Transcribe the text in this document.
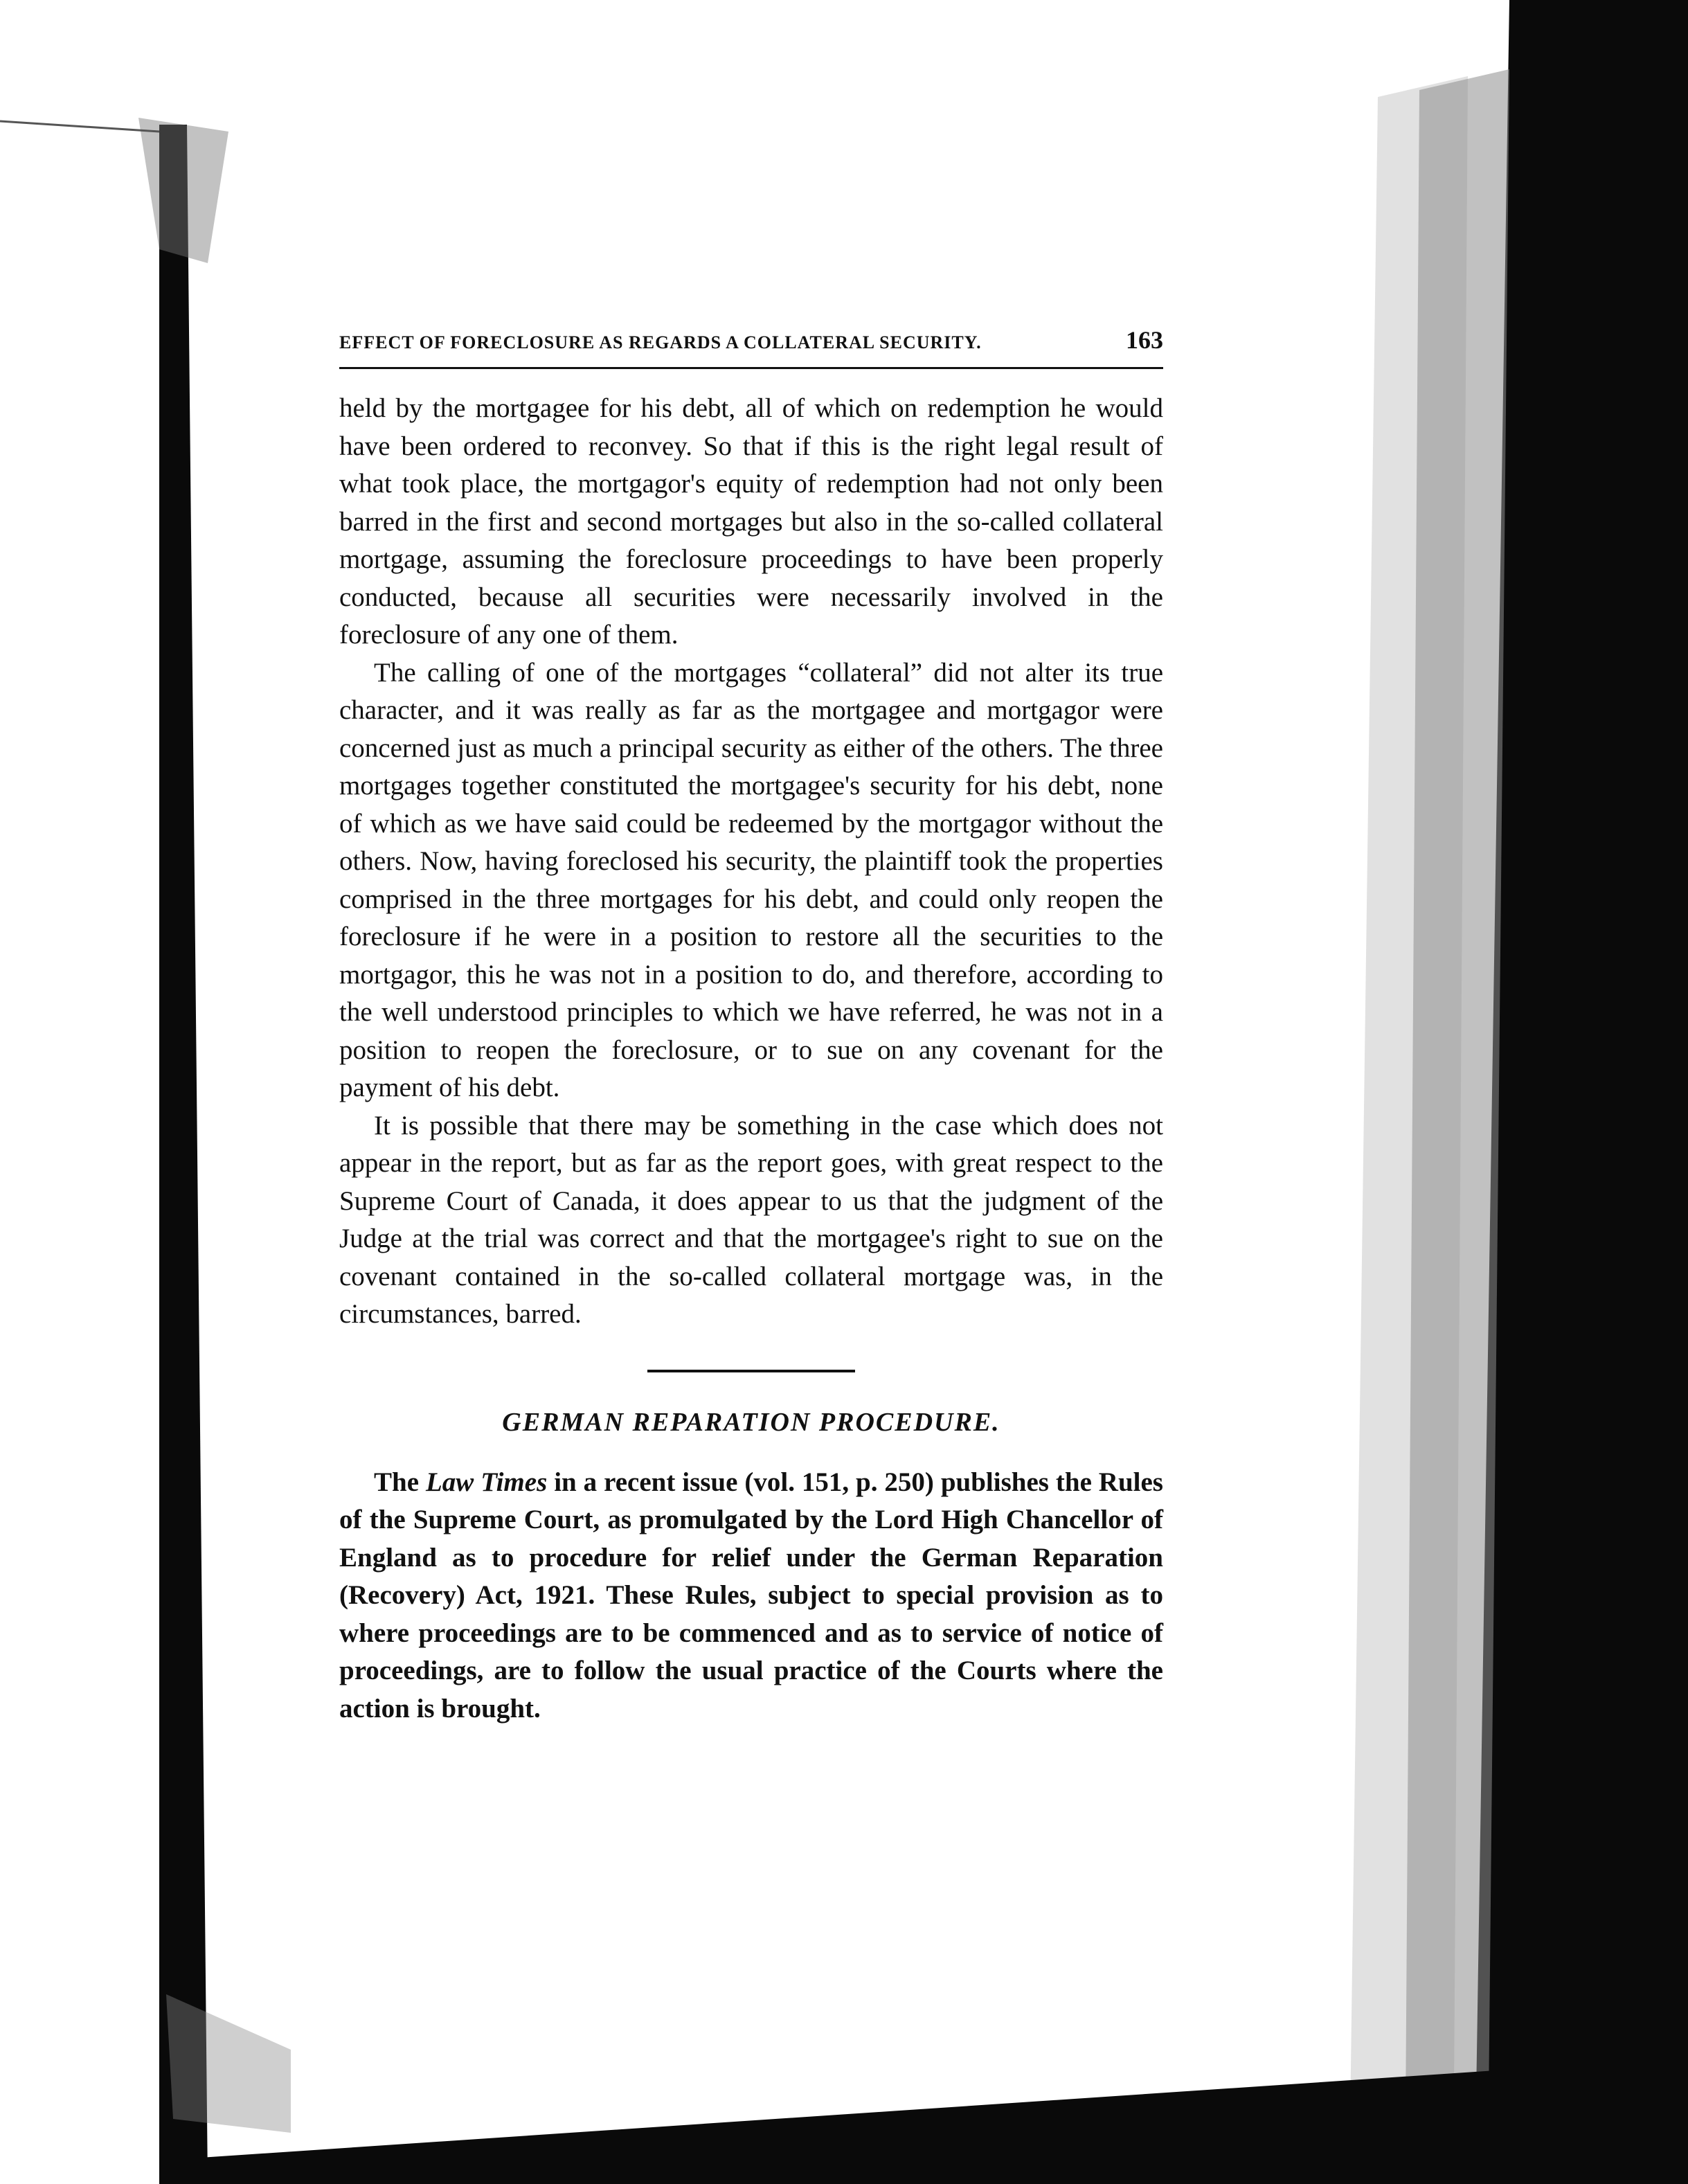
EFFECT OF FORECLOSURE AS REGARDS A COLLATERAL SECURITY.	163

held by the mortgagee for his debt, all of which on redemption he would have been ordered to reconvey. So that if this is the right legal result of what took place, the mortgagor's equity of redemption had not only been barred in the first and second mortgages but also in the so-called collateral mortgage, assuming the foreclosure proceedings to have been properly conducted, because all securities were necessarily involved in the foreclosure of any one of them.

The calling of one of the mortgages “collateral” did not alter its true character, and it was really as far as the mortgagee and mortgagor were concerned just as much a principal security as either of the others. The three mortgages together constituted the mortgagee's security for his debt, none of which as we have said could be redeemed by the mortgagor without the others. Now, having foreclosed his security, the plaintiff took the properties comprised in the three mortgages for his debt, and could only reopen the foreclosure if he were in a position to restore all the securities to the mortgagor, this he was not in a position to do, and therefore, according to the well understood principles to which we have referred, he was not in a position to reopen the foreclosure, or to sue on any covenant for the payment of his debt.

It is possible that there may be something in the case which does not appear in the report, but as far as the report goes, with great respect to the Supreme Court of Canada, it does appear to us that the judgment of the Judge at the trial was correct and that the mortgagee's right to sue on the covenant contained in the so-called collateral mortgage was, in the circumstances, barred.

GERMAN REPARATION PROCEDURE.

The Law Times in a recent issue (vol. 151, p. 250) publishes the Rules of the Supreme Court, as promulgated by the Lord High Chancellor of England as to procedure for relief under the German Reparation (Recovery) Act, 1921. These Rules, subject to special provision as to where proceedings are to be commenced and as to service of notice of proceedings, are to follow the usual practice of the Courts where the action is brought.
